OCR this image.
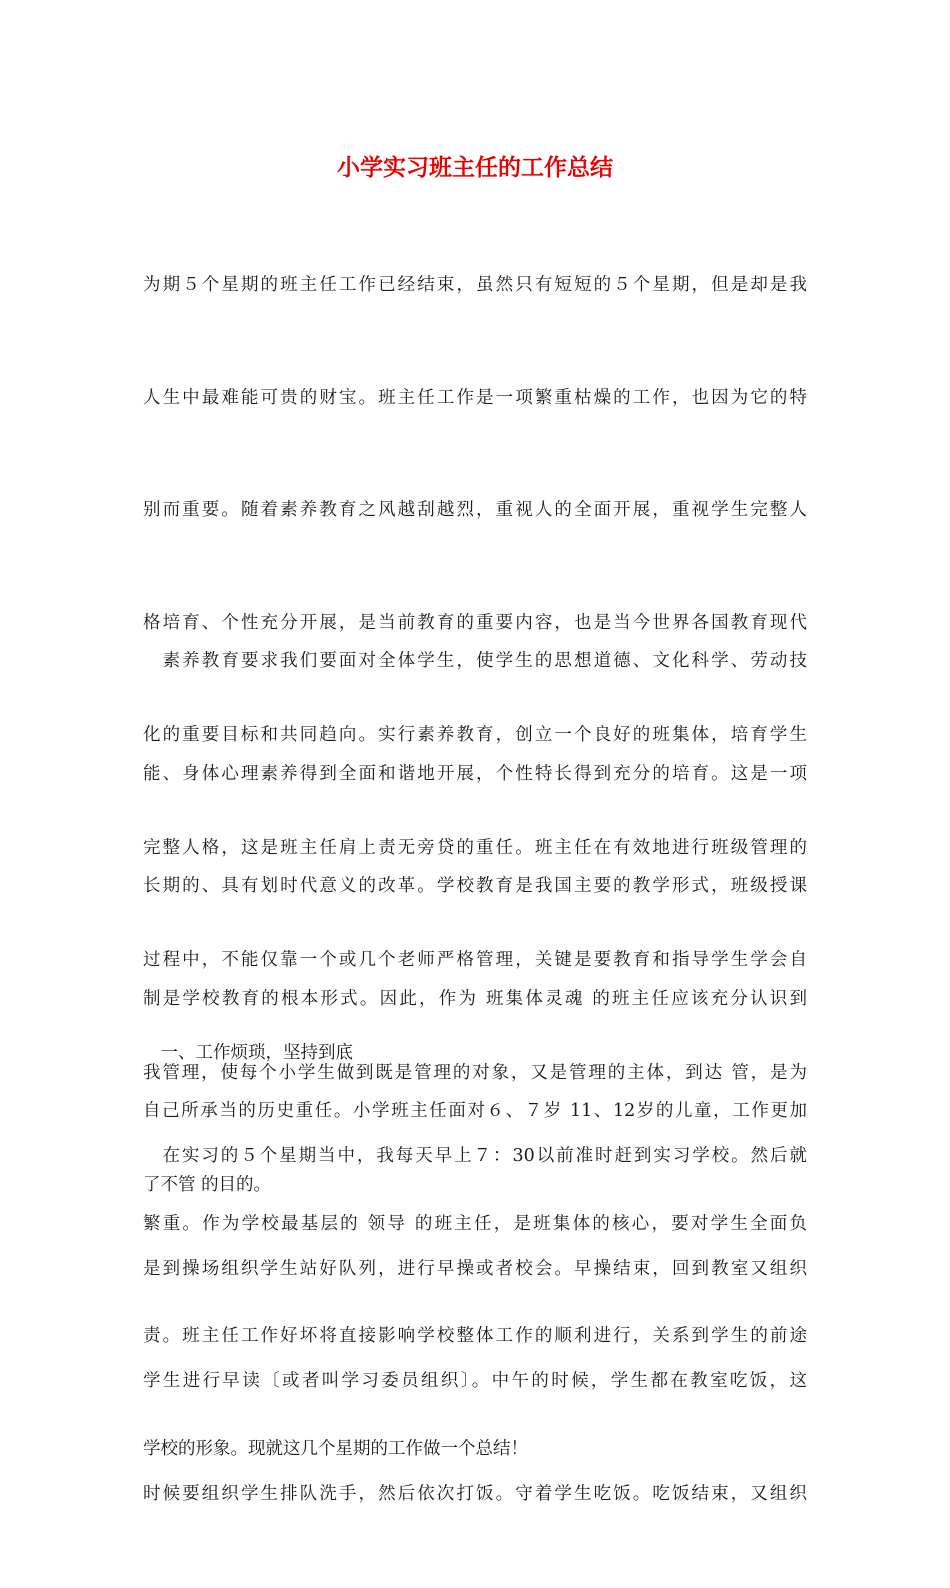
小学实习班主任的工作总结

为期５个星期的班主任工作已经结束，虽然只有短短的５个星期，但是却是我

人生中最难能可贵的财宝。班主任工作是一项繁重枯燥的工作，也因为它的特

别而重要。随着素养教育之风越刮越烈，重视人的全面开展，重视学生完整人

格培育、个性充分开展，是当前教育的重要内容，也是当今世界各国教育现代

化的重要目标和共同趋向。实行素养教育，创立一个良好的班集体，培育学生

完整人格，这是班主任肩上责无旁贷的重任。班主任在有效地进行班级管理的

过程中，不能仅靠一个或几个老师严格管理，关键是要教育和指导学生学会自

我管理，使每个小学生做到既是管理的对象，又是管理的主体，到达 管，是为

了不管 的目的。

　素养教育要求我们要面对全体学生，使学生的思想道德、文化科学、劳动技

能、身体心理素养得到全面和谐地开展，个性特长得到充分的培育。这是一项

长期的、具有划时代意义的改革。学校教育是我国主要的教学形式，班级授课

制是学校教育的根本形式。因此，作为 班集体灵魂 的班主任应该充分认识到

自己所承当的历史重任。小学班主任面对６、７岁 11、12岁的儿童，工作更加

繁重。作为学校最基层的 领导 的班主任，是班集体的核心，要对学生全面负

责。班主任工作好坏将直接影响学校整体工作的顺利进行，关系到学生的前途

学校的形象。现就这几个星期的工作做一个总结！

　一、工作烦琐，坚持到底

　在实习的５个星期当中，我每天早上７：30以前准时赶到实习学校。然后就

是到操场组织学生站好队列，进行早操或者校会。早操结束，回到教室又组织

学生进行早读〔或者叫学习委员组织〕。中午的时候，学生都在教室吃饭，这

时候要组织学生排队洗手，然后依次打饭。守着学生吃饭。吃饭结束，又组织
